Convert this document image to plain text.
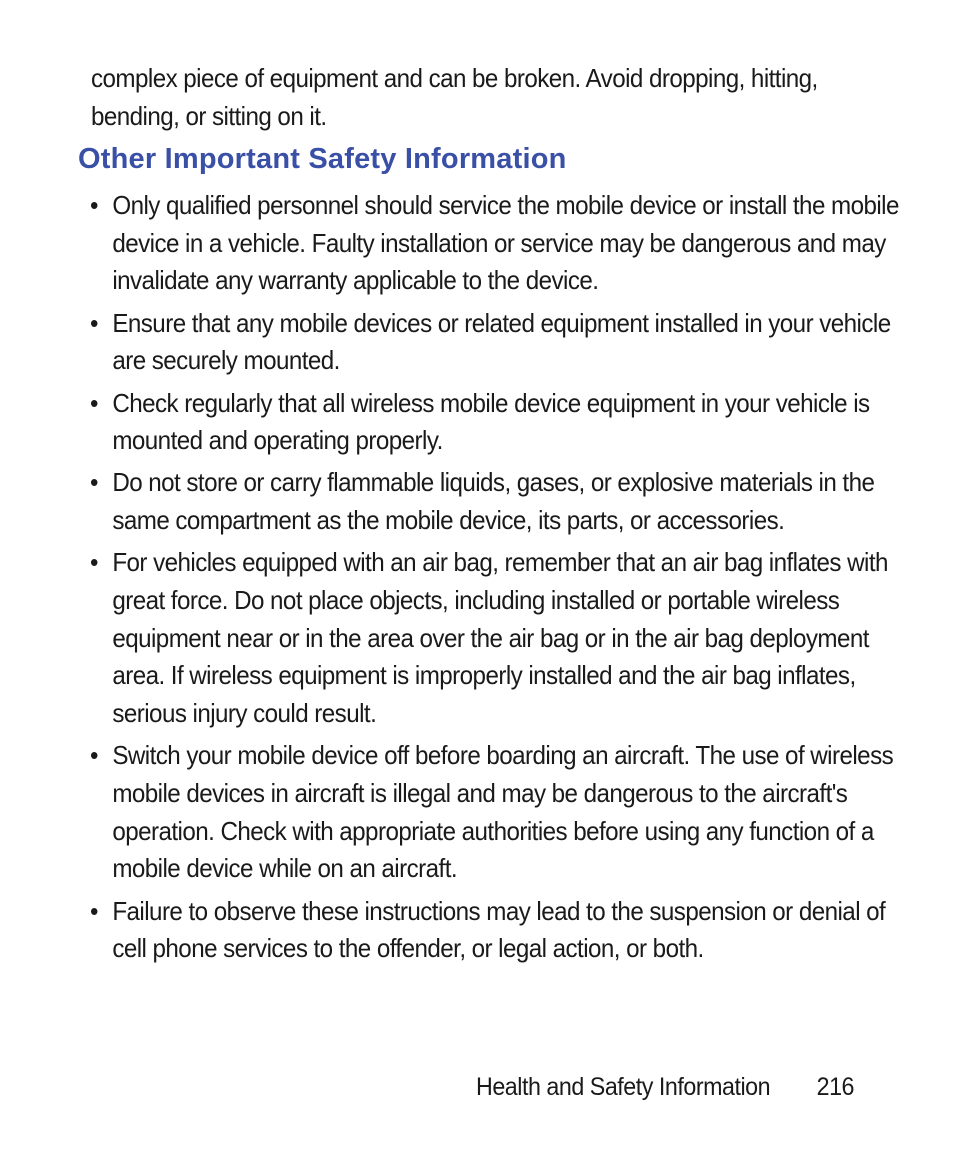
complex piece of equipment and can be broken. Avoid dropping, hitting, bending, or sitting on it.

Other Important Safety Information
• Only qualified personnel should service the mobile device or install the mobile device in a vehicle. Faulty installation or service may be dangerous and may invalidate any warranty applicable to the device.
• Ensure that any mobile devices or related equipment installed in your vehicle are securely mounted.
• Check regularly that all wireless mobile device equipment in your vehicle is mounted and operating properly.
• Do not store or carry flammable liquids, gases, or explosive materials in the same compartment as the mobile device, its parts, or accessories.
• For vehicles equipped with an air bag, remember that an air bag inflates with great force. Do not place objects, including installed or portable wireless equipment near or in the area over the air bag or in the air bag deployment area. If wireless equipment is improperly installed and the air bag inflates, serious injury could result.
• Switch your mobile device off before boarding an aircraft. The use of wireless mobile devices in aircraft is illegal and may be dangerous to the aircraft's operation. Check with appropriate authorities before using any function of a mobile device while on an aircraft.
• Failure to observe these instructions may lead to the suspension or denial of cell phone services to the offender, or legal action, or both.
Health and Safety Information 216
